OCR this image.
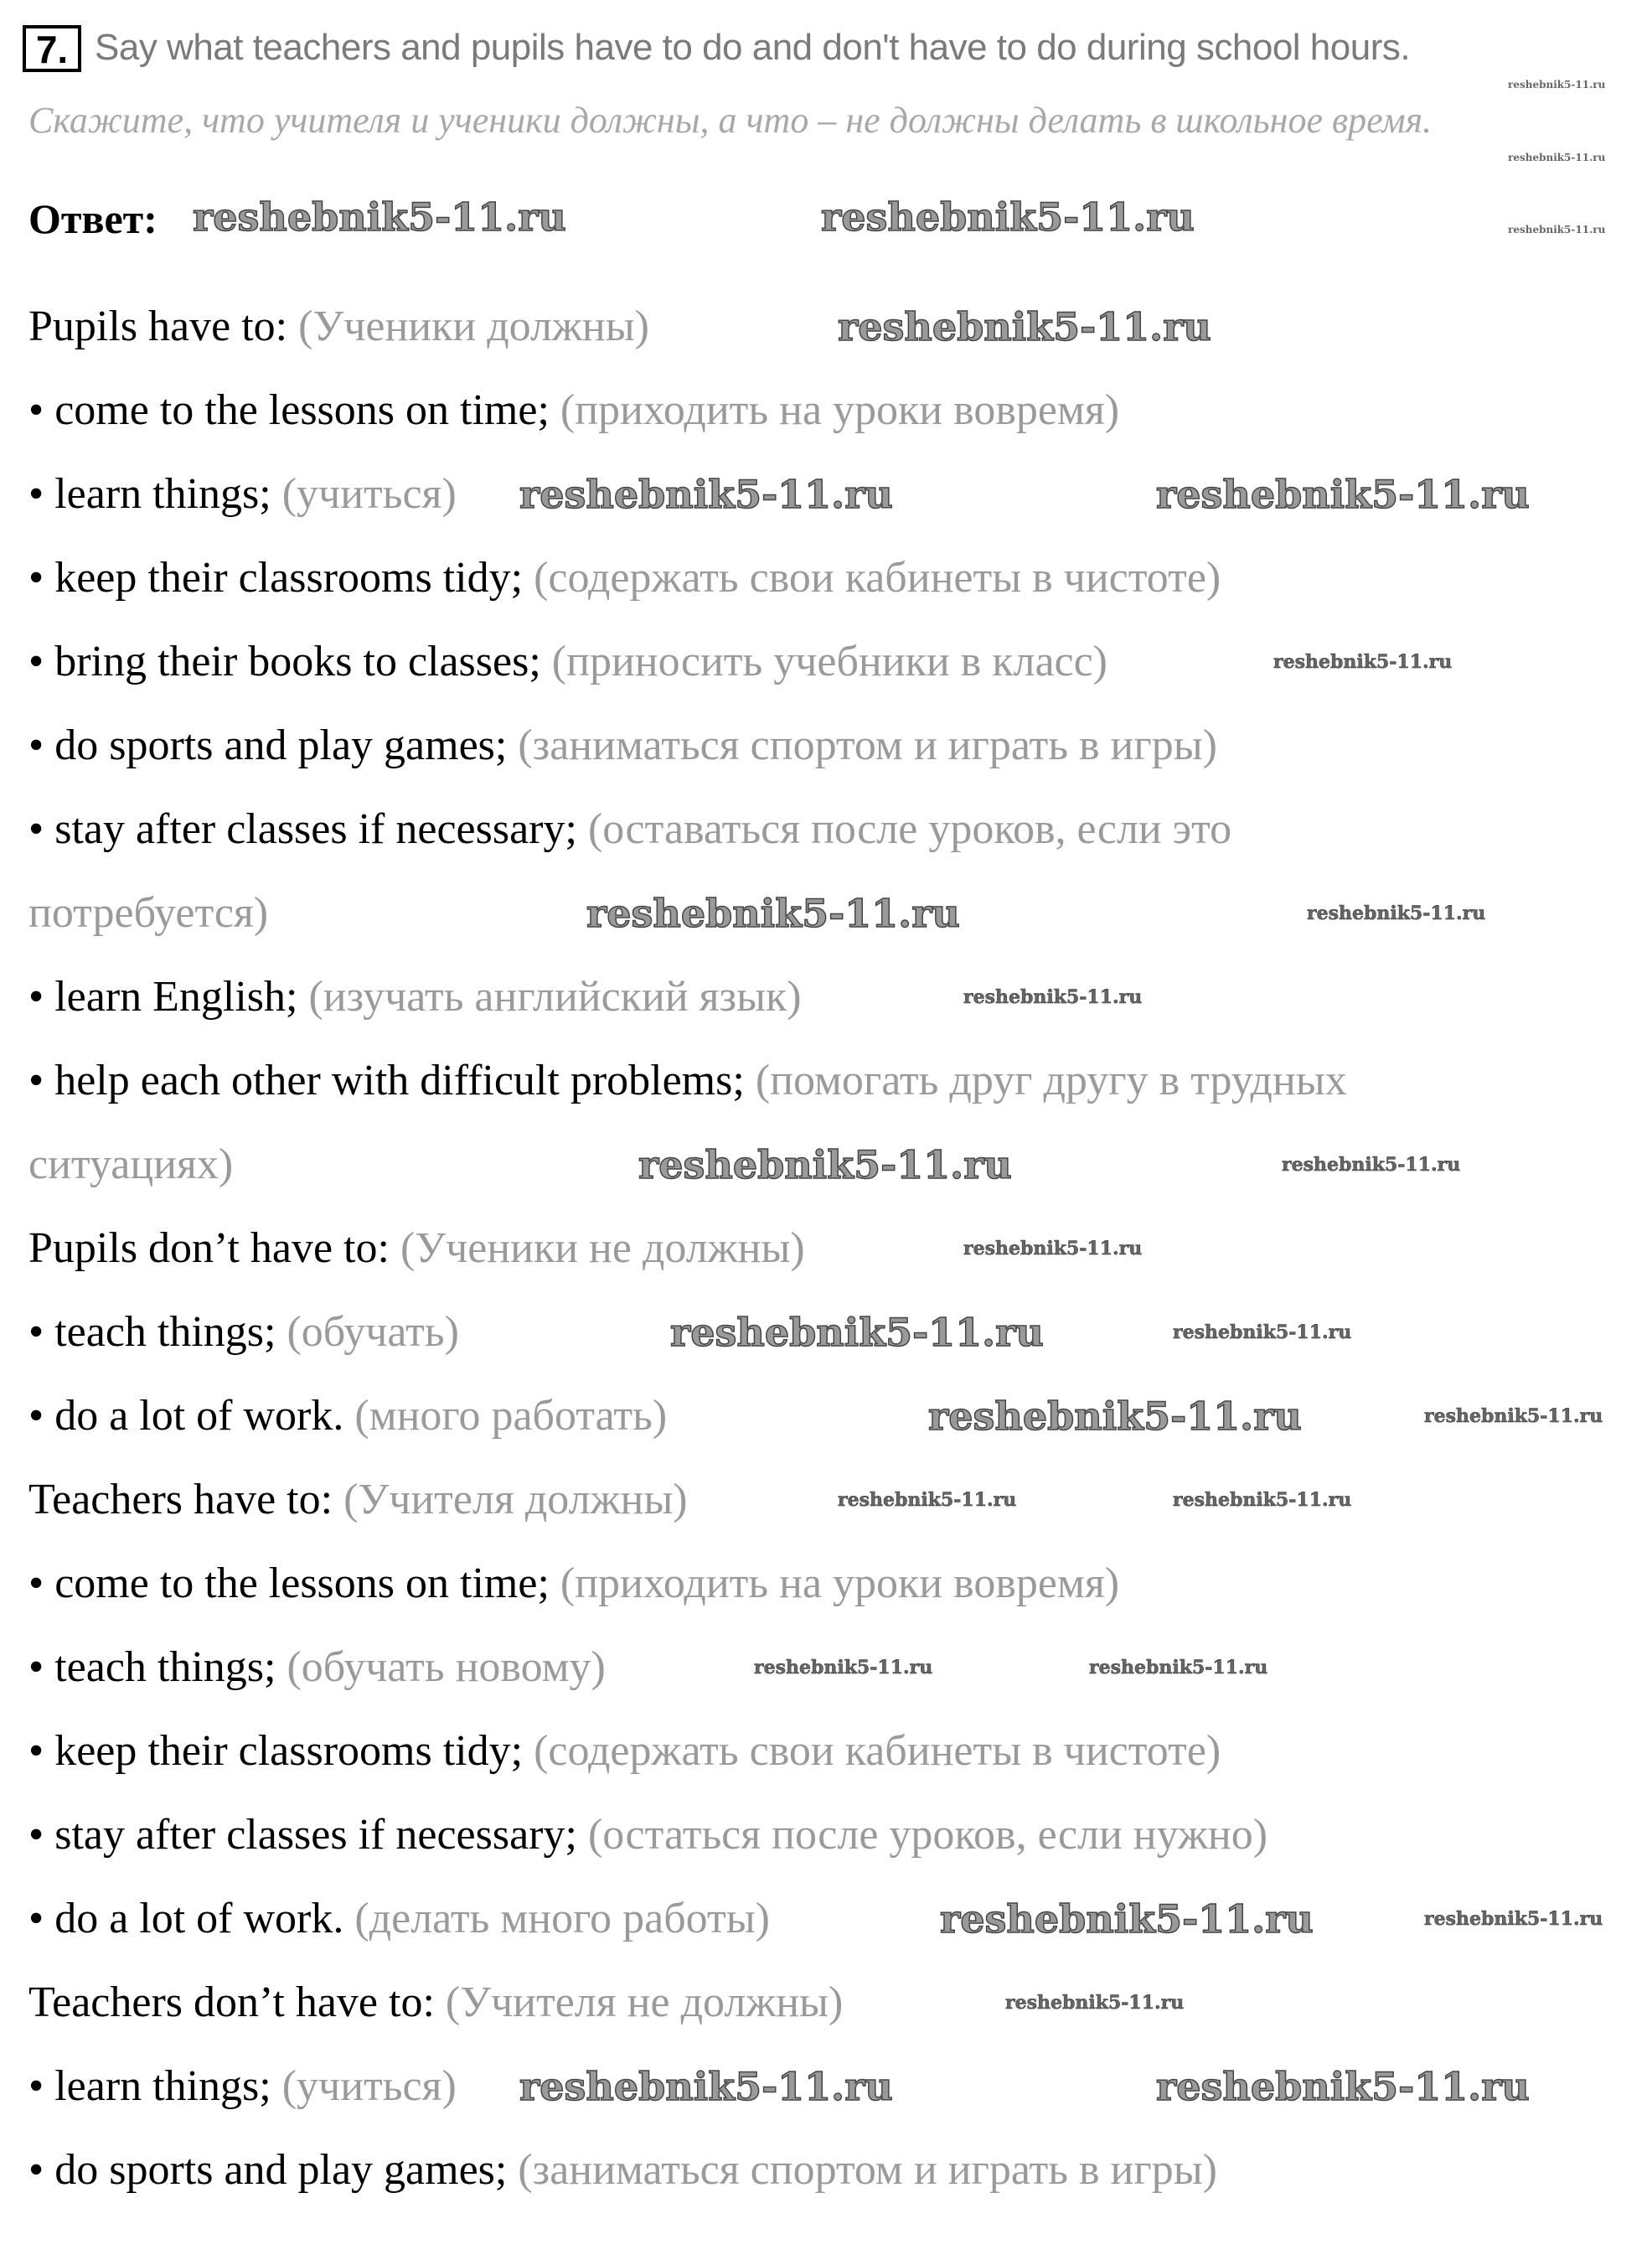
7. Say what teachers and pupils have to do and don't have to do during school hours.
Скажите, что учителя и ученики должны, а что – не должны делать в школьное время.
Ответ:
Pupils have to: (Ученики должны)
• come to the lessons on time; (приходить на уроки вовремя)
• learn things; (учиться)
• keep their classrooms tidy; (содержать свои кабинеты в чистоте)
• bring their books to classes; (приносить учебники в класс)
• do sports and play games; (заниматься спортом и играть в игры)
• stay after classes if necessary; (оставаться после уроков, если это
потребуется)
• learn English; (изучать английский язык)
• help each other with difficult problems; (помогать друг другу в трудных
ситуациях)
Pupils don’t have to: (Ученики не должны)
• teach things; (обучать)
• do a lot of work. (много работать)
Teachers have to: (Учителя должны)
• come to the lessons on time; (приходить на уроки вовремя)
• teach things; (обучать новому)
• keep their classrooms tidy; (содержать свои кабинеты в чистоте)
• stay after classes if necessary; (остаться после уроков, если нужно)
• do a lot of work. (делать много работы)
Teachers don’t have to: (Учителя не должны)
• learn things; (учиться)
• do sports and play games; (заниматься спортом и играть в игры)
reshebnik5-11.ru	reshebnik5-11.ru
reshebnik5-11.ru	reshebnik5-11.ru
reshebnik5-11.ru
reshebnik5-11.ru
reshebnik5-11.ru
reshebnik5-11.ru
reshebnik5-11.ru
reshebnik5-11.ru
reshebnik5-11.ru	reshebnik5-11.ru
reshebnik5-11.ru
reshebnik5-11.ru
reshebnik5-11.ru
reshebnik5-11.ru
reshebnik5-11.ru	reshebnik5-11.ru
reshebnik5-11.ru	reshebnik5-11.ru
reshebnik5-11.ru
reshebnik5-11.ru
reshebnik5-11.ru
reshebnik5-11.ru
reshebnik5-11.ru
reshebnik5-11.ru
reshebnik5-11.ru
reshebnik5-11.ru
